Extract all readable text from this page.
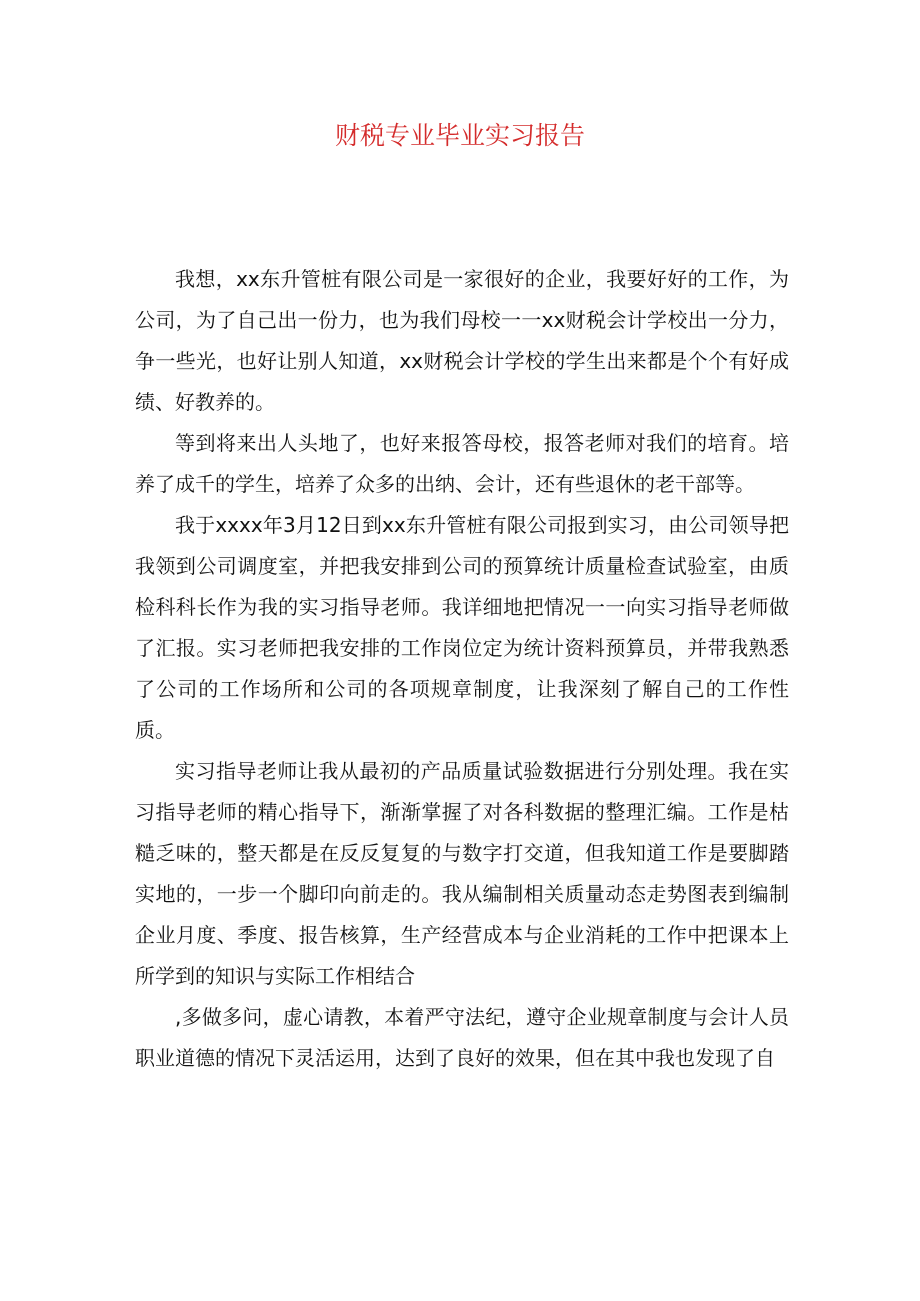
财税专业毕业实习报告

我想，xx东升管桩有限公司是一家很好的企业，我要好好的工作，为公司，为了自己出一份力，也为我们母校一一xx财税会计学校出一分力，争一些光，也好让别人知道，xx财税会计学校的学生出来都是个个有好成绩、好教养的。

等到将来出人头地了，也好来报答母校，报答老师对我们的培育。培养了成千的学生，培养了众多的出纳、会计，还有些退休的老干部等。

我于xxxx年3月12日到xx东升管桩有限公司报到实习，由公司领导把我领到公司调度室，并把我安排到公司的预算统计质量检查试验室，由质检科科长作为我的实习指导老师。我详细地把情况一一向实习指导老师做了汇报。实习老师把我安排的工作岗位定为统计资料预算员，并带我熟悉了公司的工作场所和公司的各项规章制度，让我深刻了解自己的工作性质。

实习指导老师让我从最初的产品质量试验数据进行分别处理。我在实习指导老师的精心指导下，渐渐掌握了对各科数据的整理汇编。工作是枯糙乏味的，整天都是在反反复复的与数字打交道，但我知道工作是要脚踏实地的，一步一个脚印向前走的。我从编制相关质量动态走势图表到编制企业月度、季度、报告核算，生产经营成本与企业消耗的工作中把课本上所学到的知识与实际工作相结合

,多做多问，虚心请教，本着严守法纪，遵守企业规章制度与会计人员职业道德的情况下灵活运用，达到了良好的效果，但在其中我也发现了自
